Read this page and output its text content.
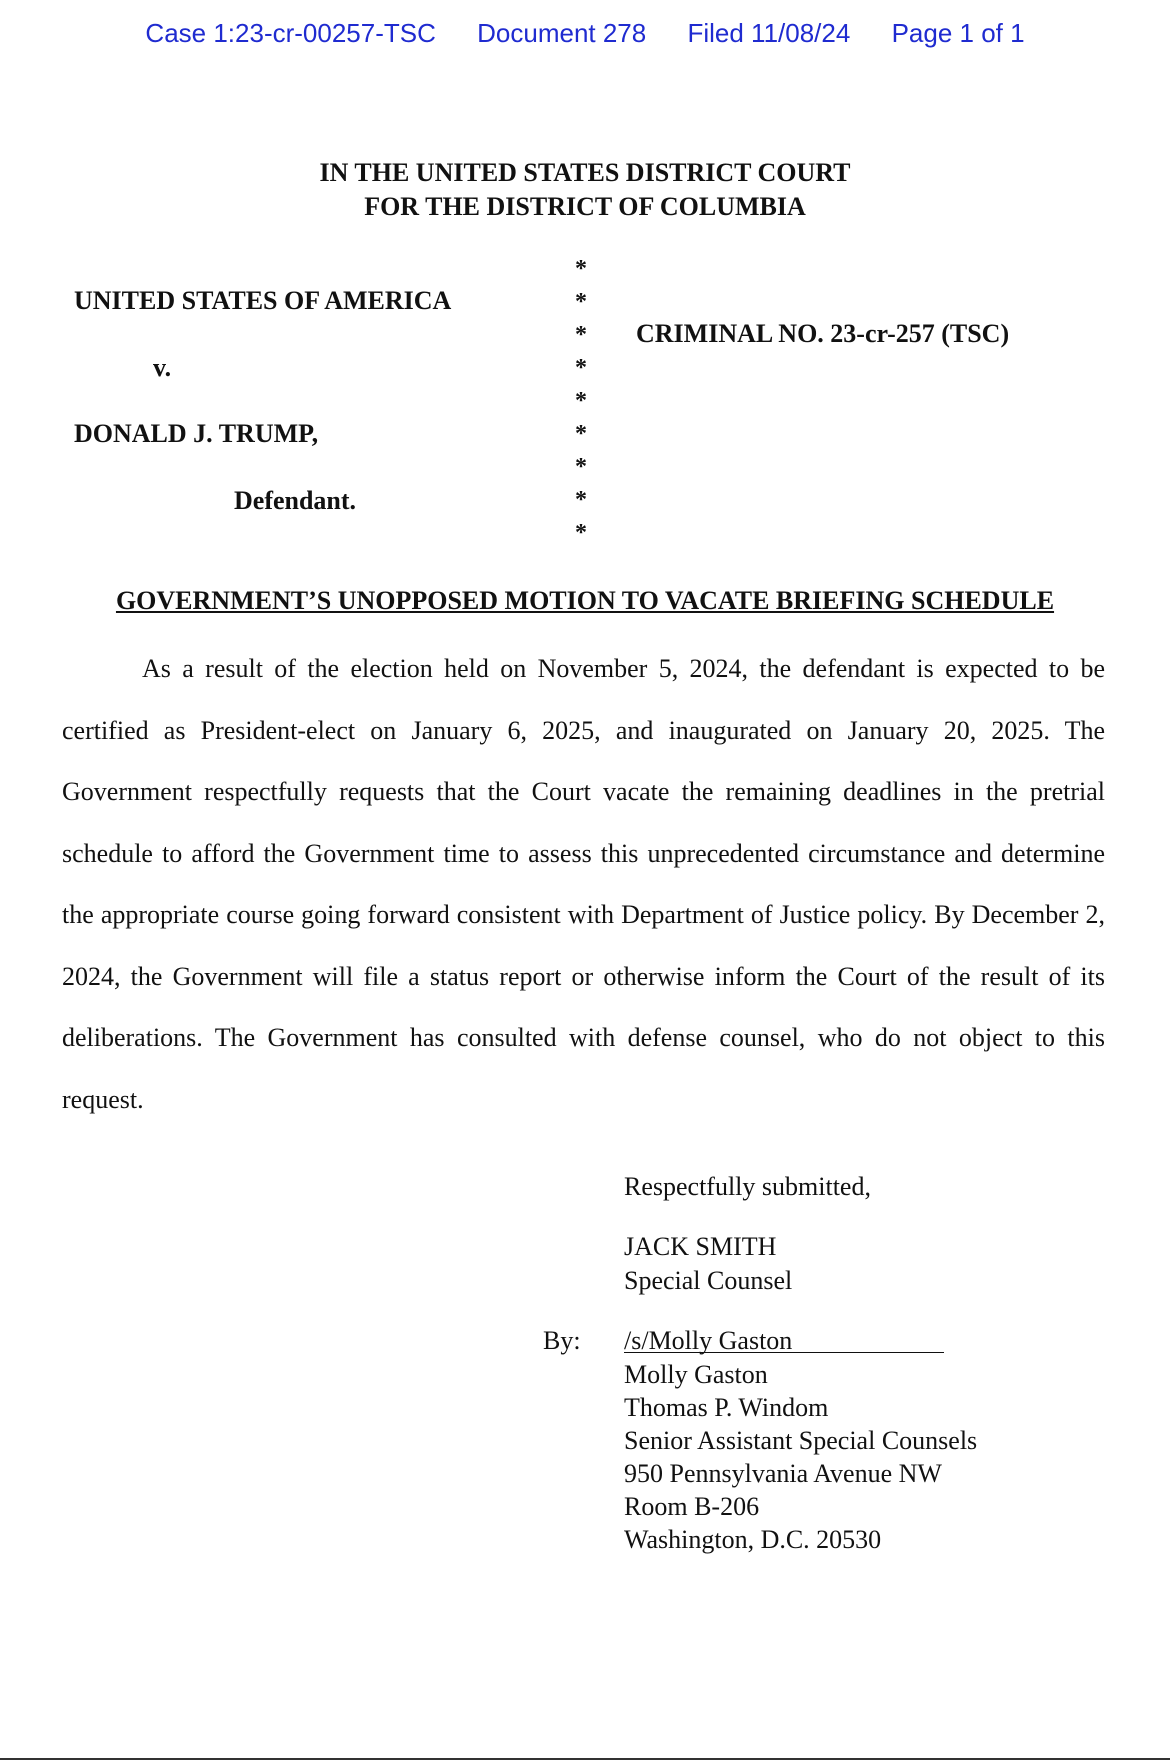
Case 1:23-cr-00257-TSC Document 278 Filed 11/08/24 Page 1 of 1
IN THE UNITED STATES DISTRICT COURT
FOR THE DISTRICT OF COLUMBIA
UNITED STATES OF AMERICA
v.
DONALD J. TRUMP,
Defendant.
CRIMINAL NO. 23-cr-257 (TSC)
*
*
*
*
*
*
*
*
*
GOVERNMENT’S UNOPPOSED MOTION TO VACATE BRIEFING SCHEDULE

As a result of the election held on November 5, 2024, the defendant is expected to be certified as President-elect on January 6, 2025, and inaugurated on January 20, 2025. The Government respectfully requests that the Court vacate the remaining deadlines in the pretrial schedule to afford the Government time to assess this unprecedented circumstance and determine the appropriate course going forward consistent with Department of Justice policy. By December 2, 2024, the Government will file a status report or otherwise inform the Court of the result of its deliberations. The Government has consulted with defense counsel, who do not object to this request.

Respectfully submitted,
JACK SMITH
Special Counsel
By: /s/Molly Gaston
Molly Gaston
Thomas P. Windom
Senior Assistant Special Counsels
950 Pennsylvania Avenue NW
Room B-206
Washington, D.C. 20530
